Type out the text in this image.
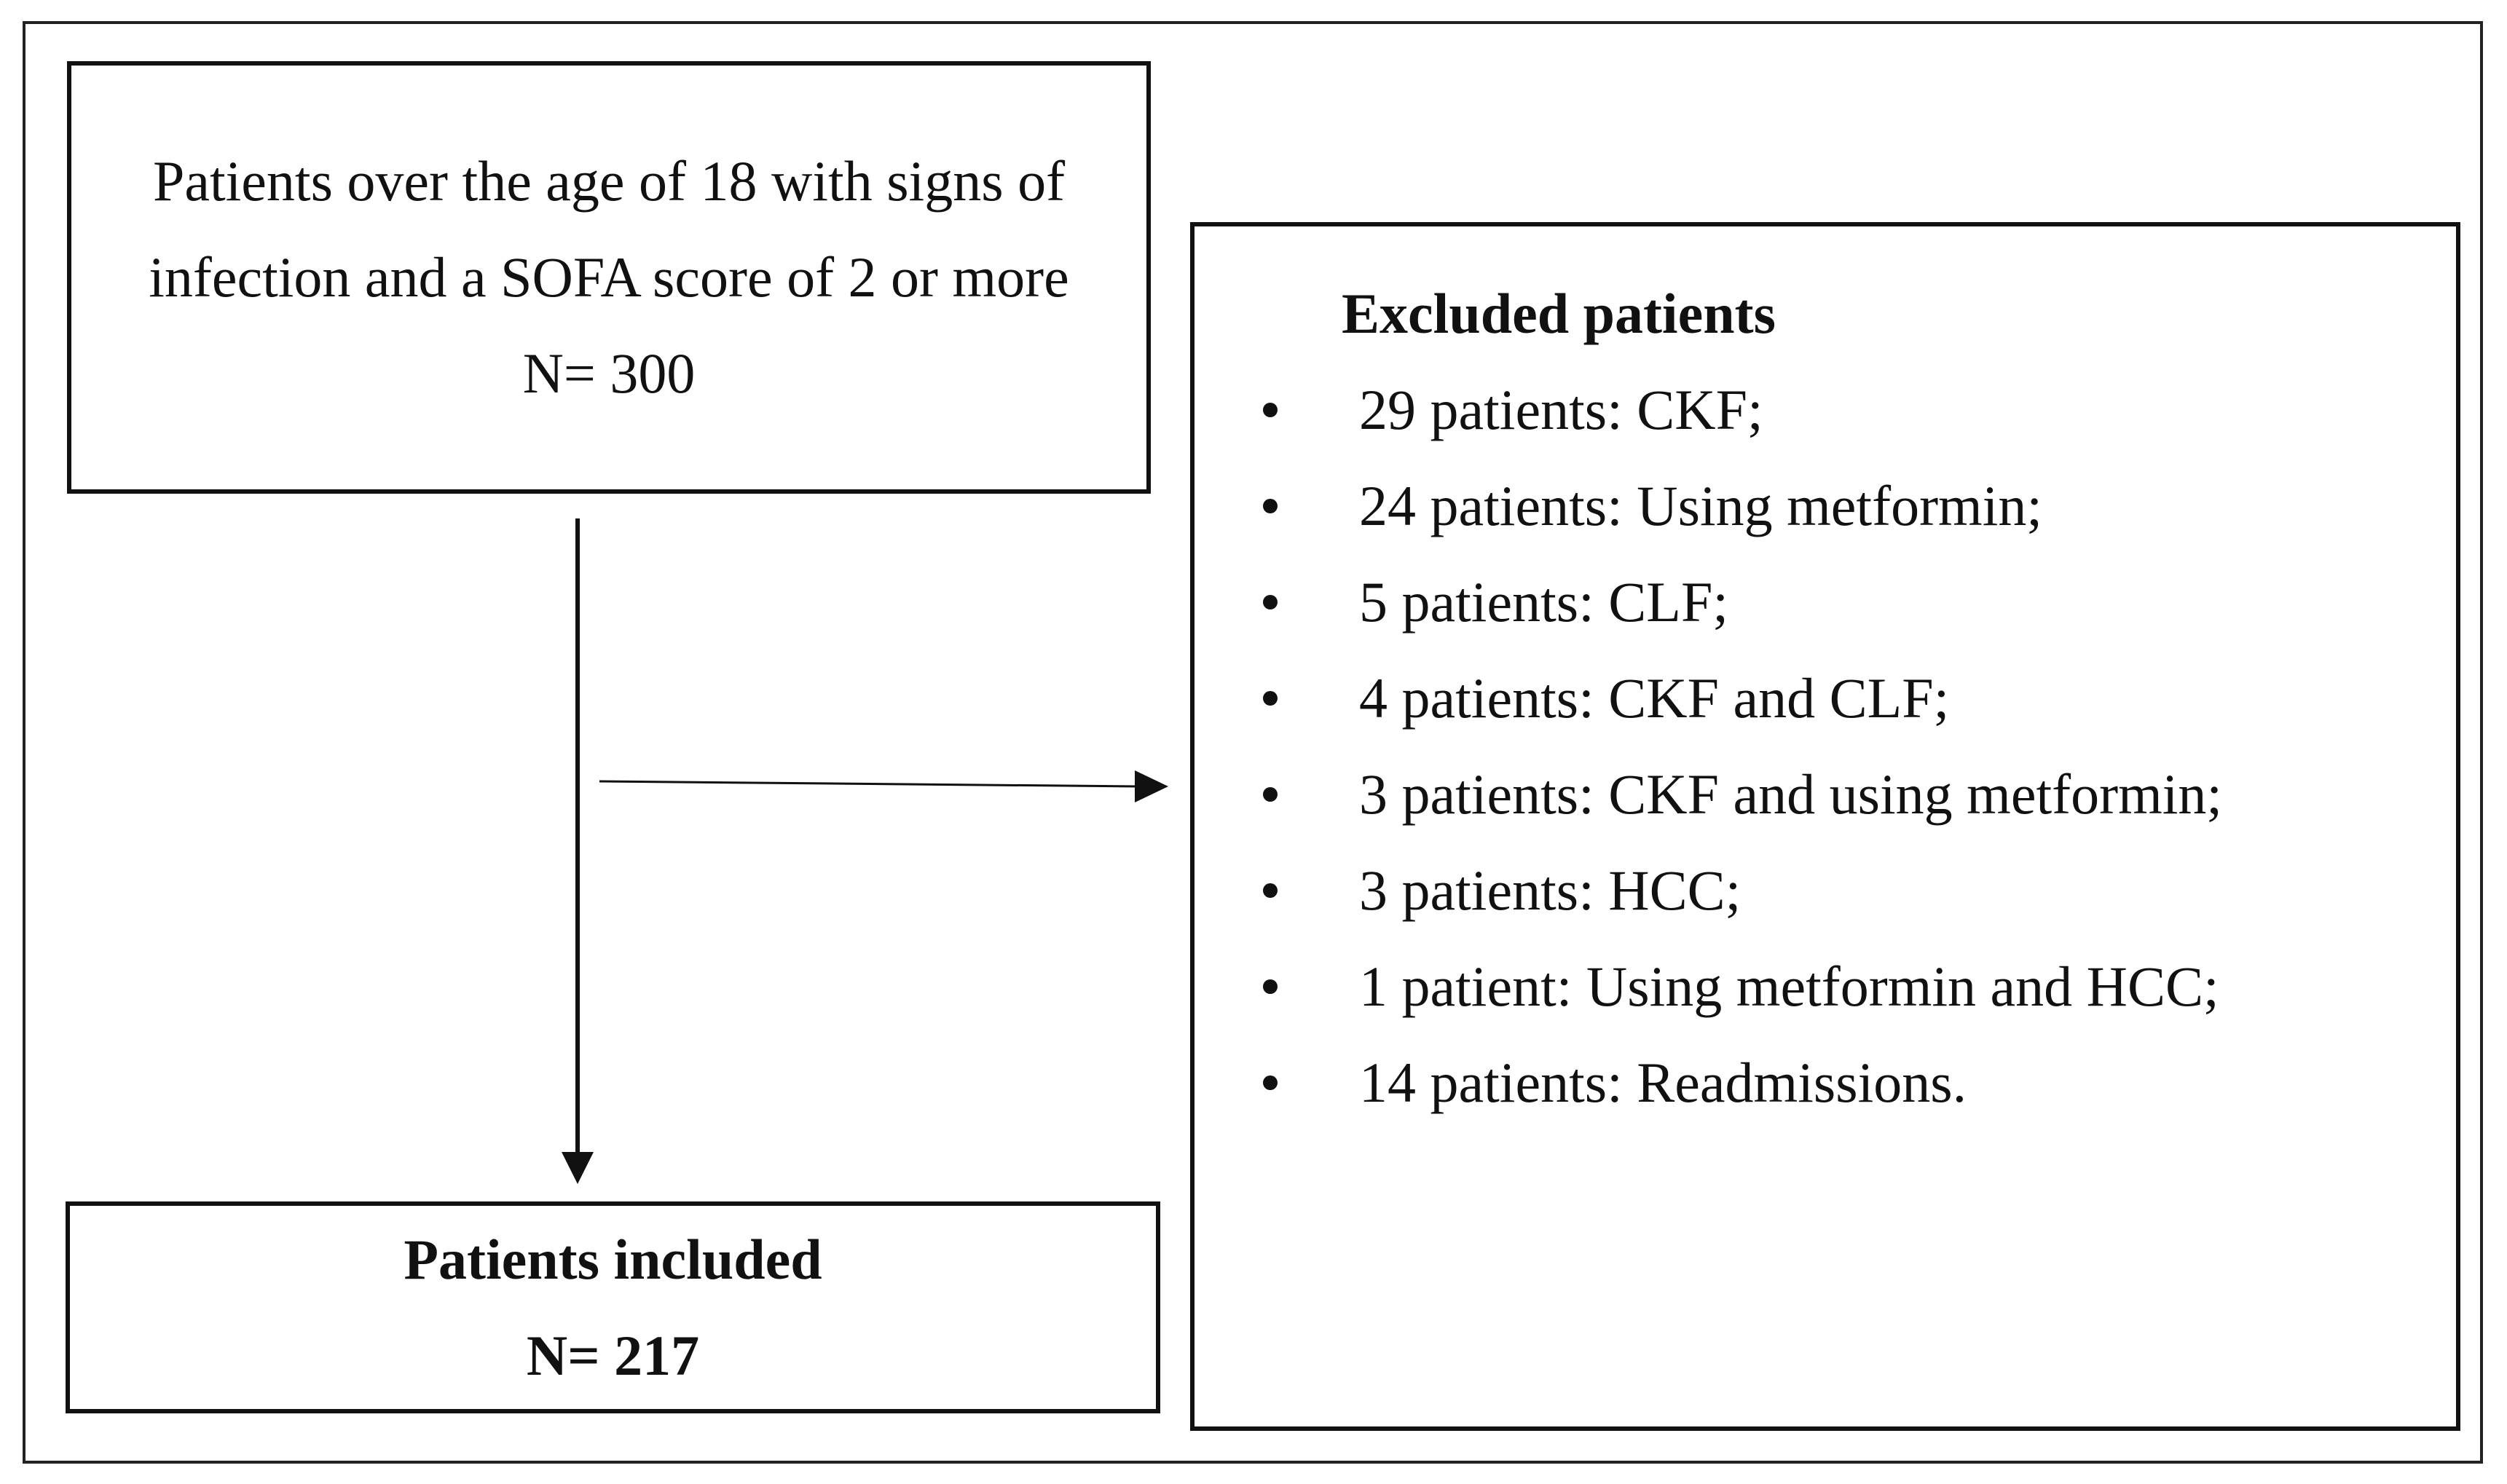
Patients over the age of 18 with signs of infection and a SOFA score of 2 or more
N= 300
Excluded patients
29 patients: CKF;
24 patients: Using metformin;
5 patients: CLF;
4 patients: CKF and CLF;
3 patients: CKF and using metformin;
3 patients: HCC;
1 patient: Using metformin and HCC;
14 patients: Readmissions.
Patients included
N= 217
